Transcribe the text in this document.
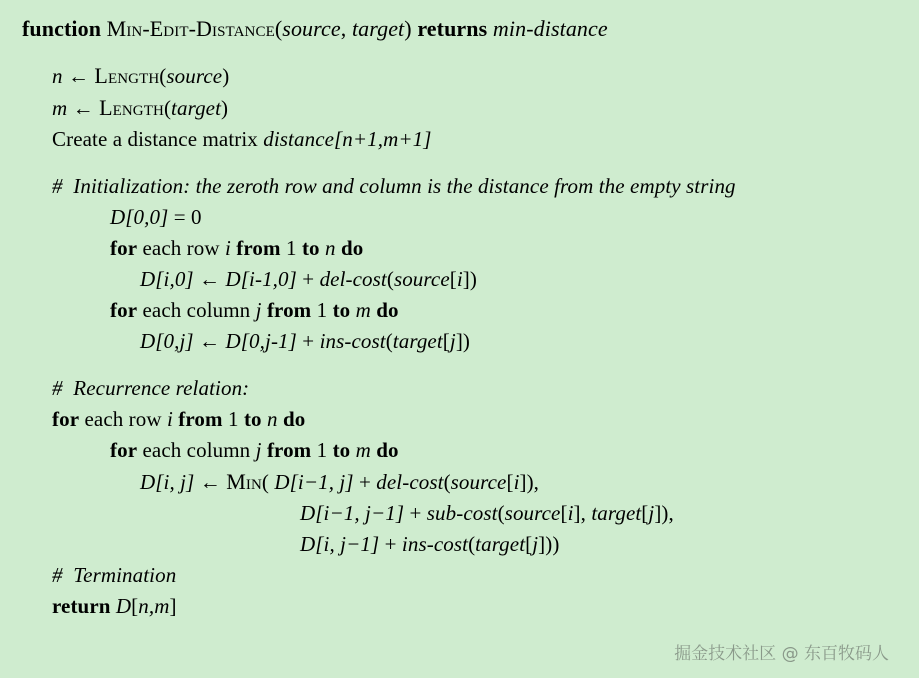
function Min-Edit-Distance(source, target) returns min-distance
n ← Length(source)
m ← Length(target)
Create a distance matrix distance[n+1,m+1]
#  Initialization: the zeroth row and column is the distance from the empty string
D[0,0] = 0
for each row i from 1 to n do
D[i,0] ← D[i-1,0] + del-cost(source[i])
for each column j from 1 to m do
D[0,j] ← D[0,j-1] + ins-cost(target[j])
#  Recurrence relation:
for each row i from 1 to n do
for each column j from 1 to m do
D[i, j] ← Min( D[i−1, j] + del-cost(source[i]),
D[i−1, j−1] + sub-cost(source[i], target[j]),
D[i, j−1] + ins-cost(target[j]))
#  Termination
return D[n,m]
掘金技术社区 @ 东百牧码人
